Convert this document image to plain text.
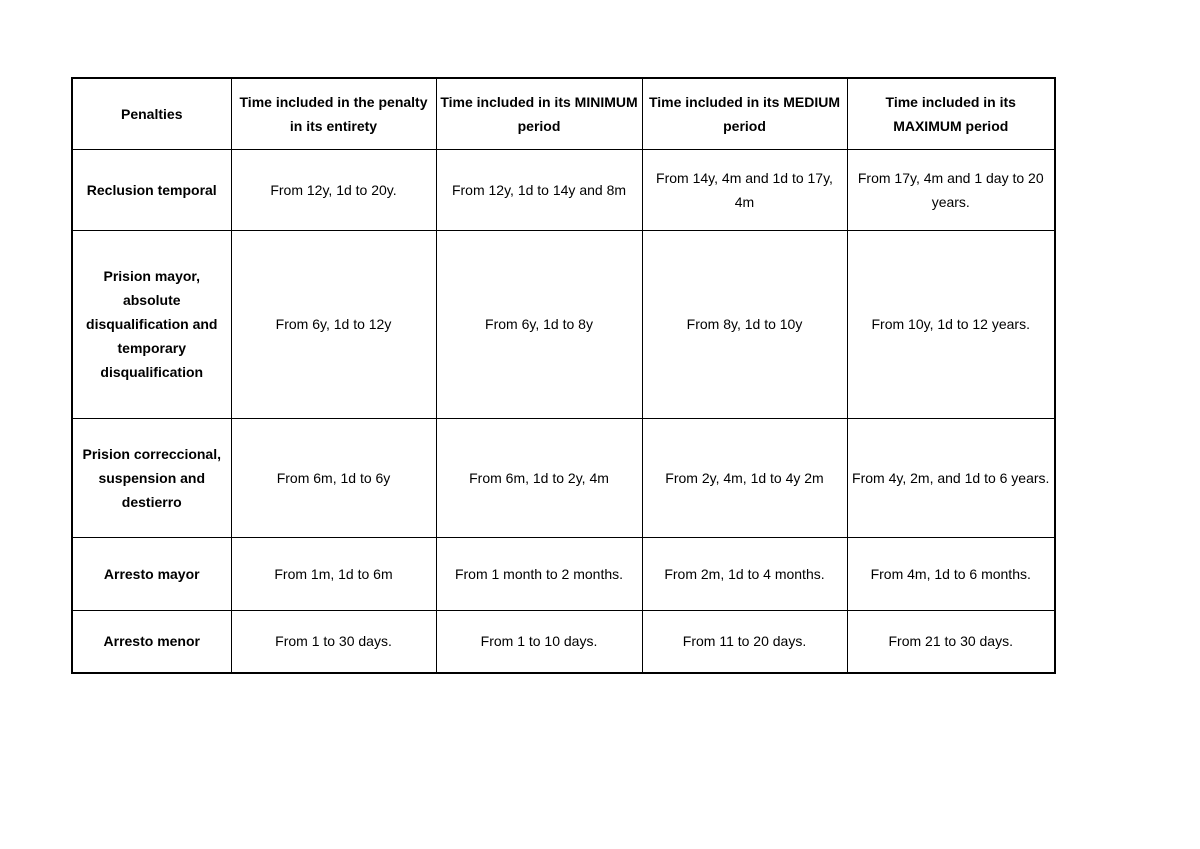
Penalties	Time included in the penalty in its entirety	Time included in its MINIMUM period	Time included in its MEDIUM period	Time included in its MAXIMUM period
Reclusion temporal	From 12y, 1d to 20y.	From 12y, 1d to 14y and 8m	From 14y, 4m and 1d to 17y, 4m	From 17y, 4m and 1 day to 20 years.
Prision mayor, absolute disqualification and temporary disqualification	From 6y, 1d to 12y	From 6y, 1d to 8y	From 8y, 1d to 10y	From 10y, 1d to 12 years.
Prision correccional, suspension and destierro	From 6m, 1d to 6y	From 6m, 1d to 2y, 4m	From 2y, 4m, 1d to 4y 2m	From 4y, 2m, and 1d to 6 years.
Arresto mayor	From 1m, 1d to 6m	From 1 month to 2 months.	From 2m, 1d to 4 months.	From 4m, 1d to 6 months.
Arresto menor	From 1 to 30 days.	From 1 to 10 days.	From 11 to 20 days.	From 21 to 30 days.
